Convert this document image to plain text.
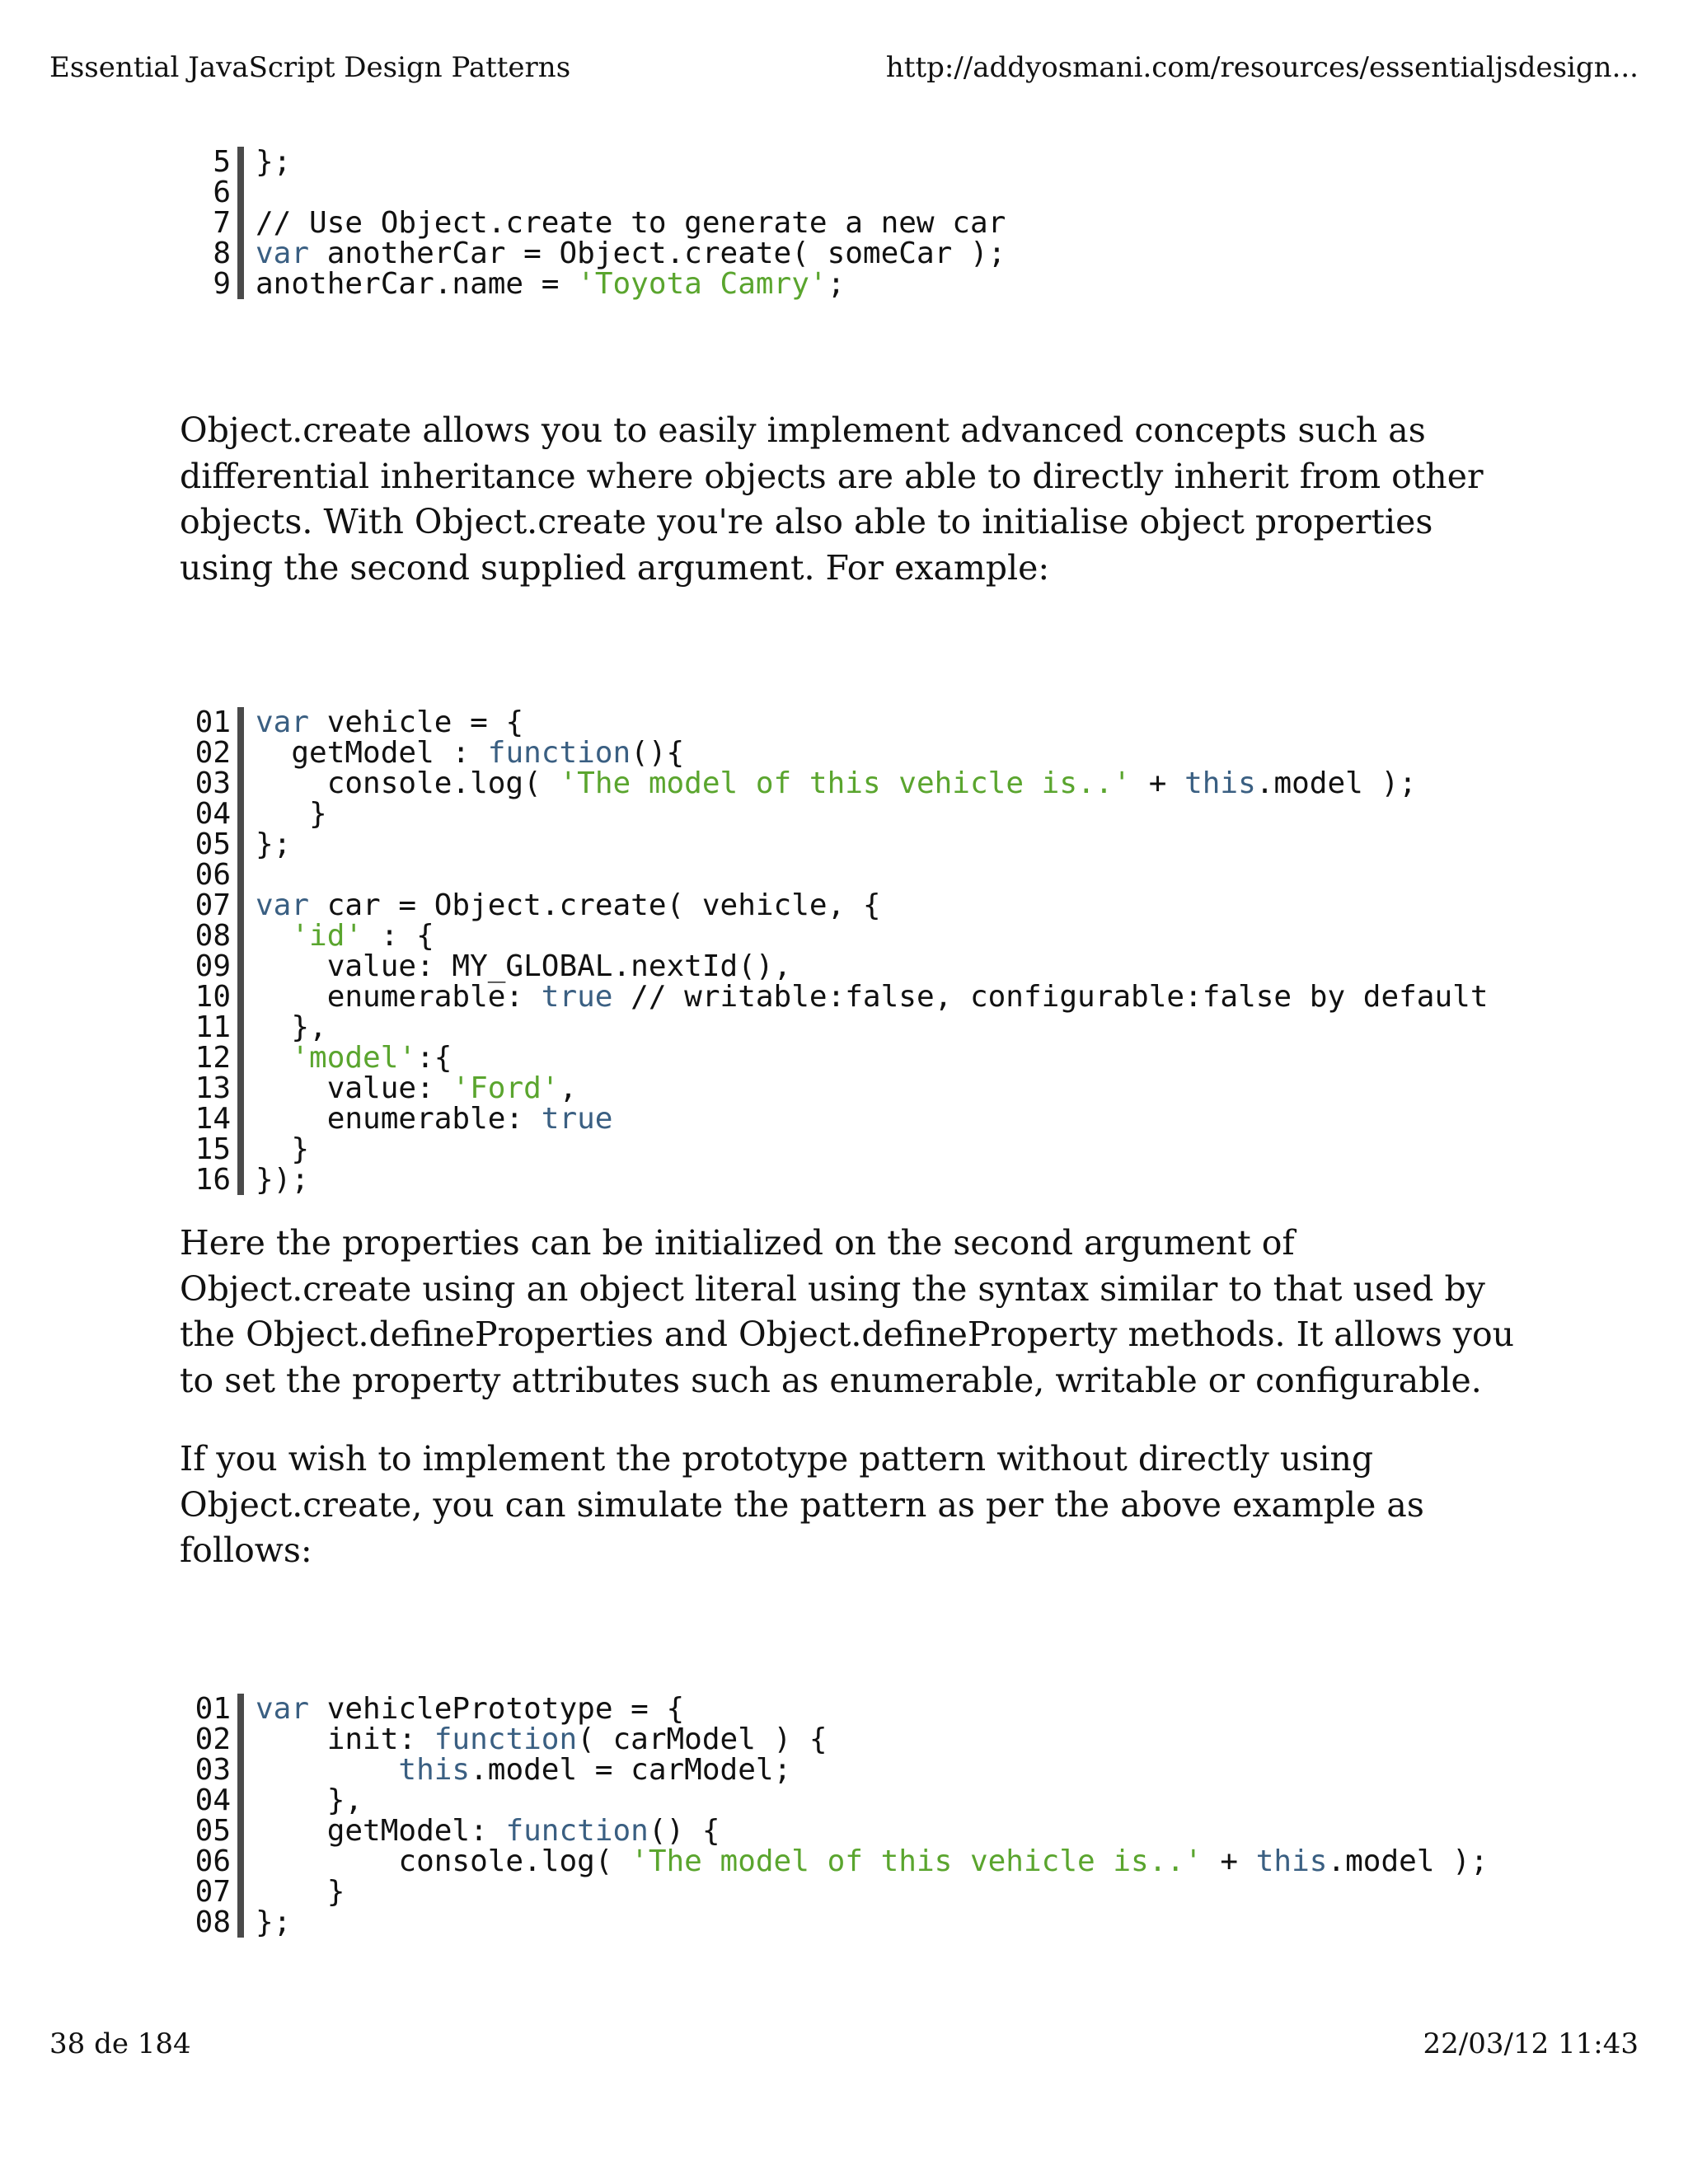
Essential JavaScript Design Patterns	http://addyosmani.com/resources/essentialjsdesign...
5 };
6
7 // Use Object.create to generate a new car
8 var anotherCar = Object.create( someCar );
9 anotherCar.name = 'Toyota Camry';

Object.create allows you to easily implement advanced concepts such as differential inheritance where objects are able to directly inherit from other objects. With Object.create you're also able to initialise object properties using the second supplied argument. For example:

01 var vehicle = {
02 getModel : function(){
03 console.log( 'The model of this vehicle is..' + this.model );
04 }
05 };
06
07 var car = Object.create( vehicle, {
08	'id' : {
09 value: MY_GLOBAL.nextId(),
10 enumerable: true // writable:false, configurable:false by default
11 },
12	'model':{
13 value: 'Ford',
14 enumerable: true
15 }
16 });

Here the properties can be initialized on the second argument of Object.create using an object literal using the syntax similar to that used by the Object.defineProperties and Object.defineProperty methods. It allows you to set the property attributes such as enumerable, writable or configurable.

If you wish to implement the prototype pattern without directly using Object.create, you can simulate the pattern as per the above example as follows:

01 var vehiclePrototype = {
02 init: function( carModel ) {
03	this.model = carModel;
04 },
05 getModel: function() {
06 console.log( 'The model of this vehicle is..' + this.model );
07 }
08 };
38 de 184	22/03/12 11:43
